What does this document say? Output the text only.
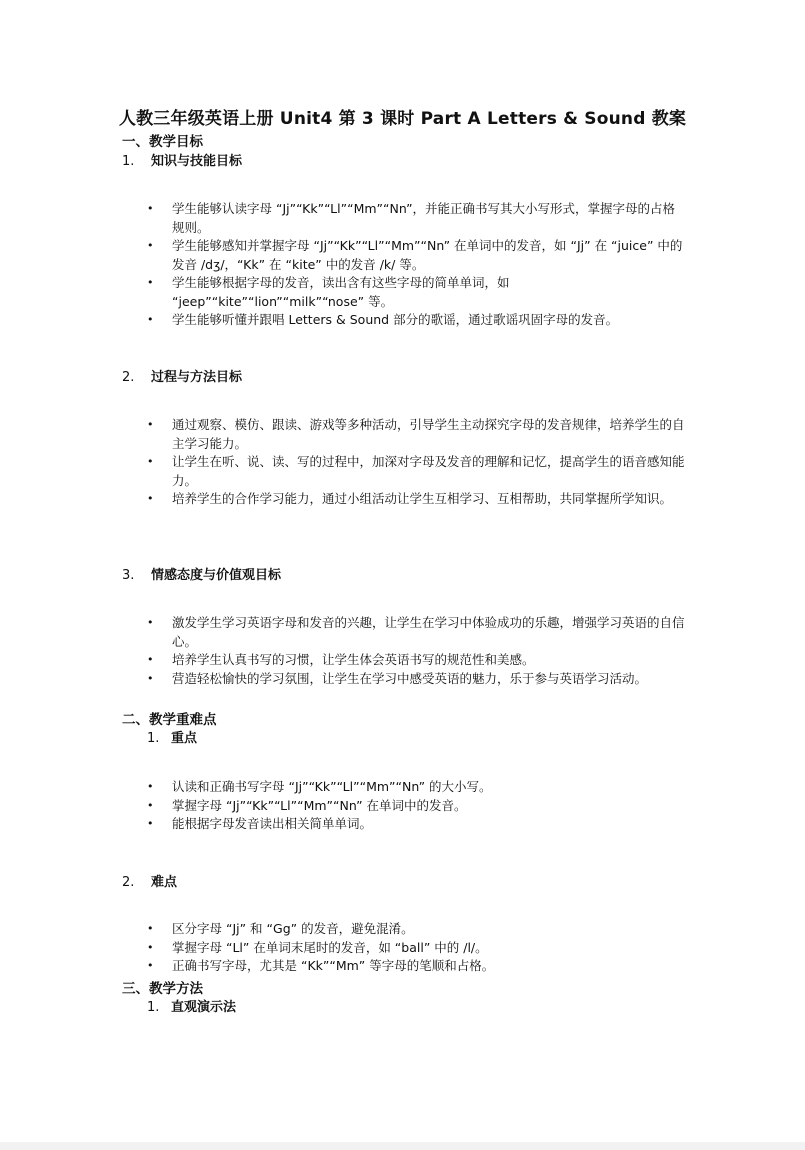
人教三年级英语上册 Unit4 第 3 课时 Part A Letters & Sound 教案
一、教学目标
1. 知识与技能目标
• 学生能够认读字母 “Jj”“Kk”“Ll”“Mm”“Nn”，并能正确书写其大小写形式，掌握字母的占格规则。
• 学生能够感知并掌握字母 “Jj”“Kk”“Ll”“Mm”“Nn” 在单词中的发音，如 “Jj” 在 “juice” 中的发音 /dʒ/，“Kk” 在 “kite” 中的发音 /k/ 等。
• 学生能够根据字母的发音，读出含有这些字母的简单单词，如 “jeep”“kite”“lion”“milk”“nose” 等。
• 学生能够听懂并跟唱 Letters & Sound 部分的歌谣，通过歌谣巩固字母的发音。
2. 过程与方法目标
• 通过观察、模仿、跟读、游戏等多种活动，引导学生主动探究字母的发音规律，培养学生的自主学习能力。
• 让学生在听、说、读、写的过程中，加深对字母及发音的理解和记忆，提高学生的语音感知能力。
• 培养学生的合作学习能力，通过小组活动让学生互相学习、互相帮助，共同掌握所学知识。
3. 情感态度与价值观目标
• 激发学生学习英语字母和发音的兴趣，让学生在学习中体验成功的乐趣，增强学习英语的自信心。
• 培养学生认真书写的习惯，让学生体会英语书写的规范性和美感。
• 营造轻松愉快的学习氛围，让学生在学习中感受英语的魅力，乐于参与英语学习活动。
二、教学重难点
1. 重点
• 认读和正确书写字母 “Jj”“Kk”“Ll”“Mm”“Nn” 的大小写。
• 掌握字母 “Jj”“Kk”“Ll”“Mm”“Nn” 在单词中的发音。
• 能根据字母发音读出相关简单单词。
2. 难点
• 区分字母 “Jj” 和 “Gg” 的发音，避免混淆。
• 掌握字母 “Ll” 在单词末尾时的发音，如 “ball” 中的 /l/。
• 正确书写字母，尤其是 “Kk”“Mm” 等字母的笔顺和占格。
三、教学方法
1. 直观演示法
